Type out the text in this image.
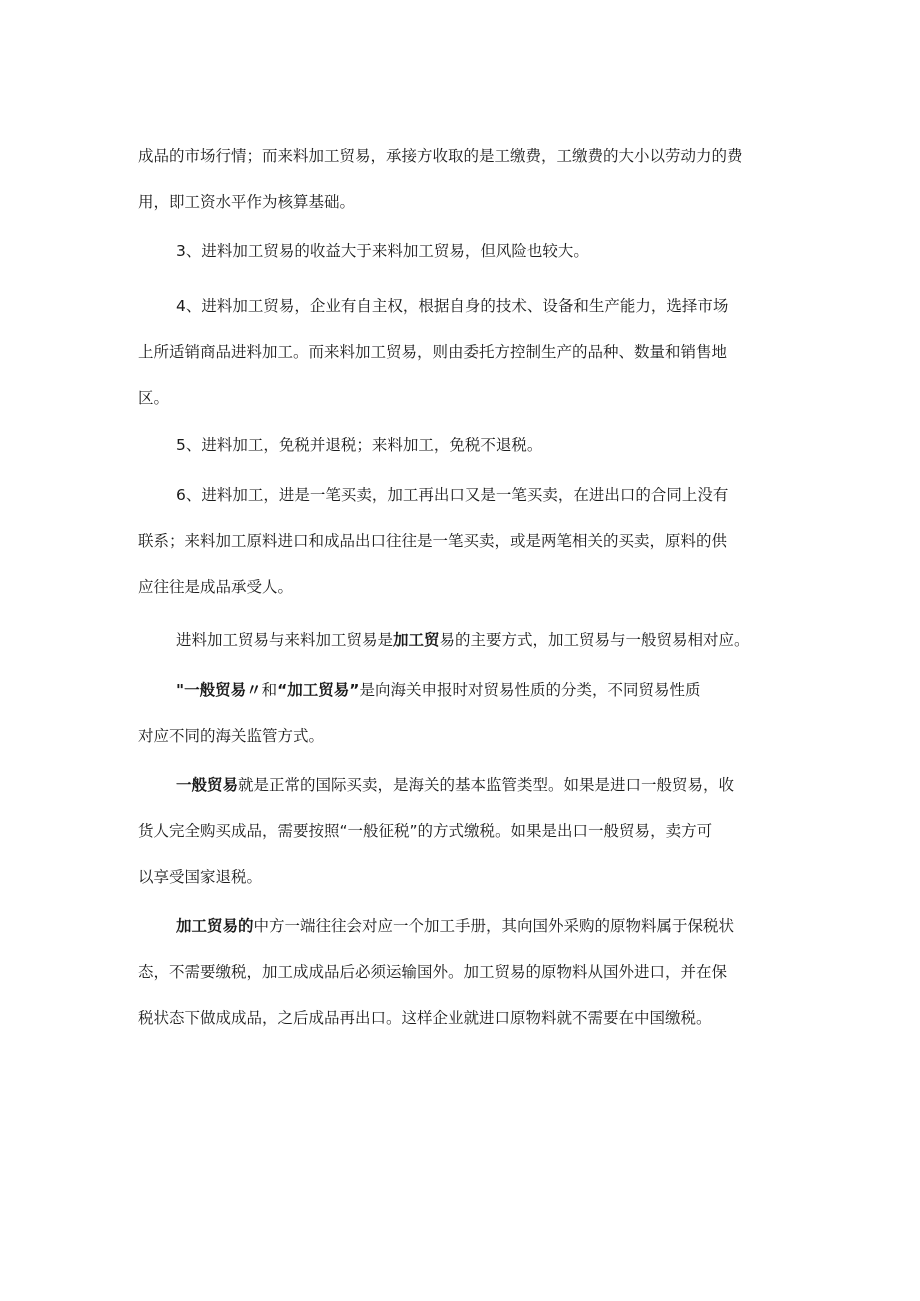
成品的市场行情；而来料加工贸易，承接方收取的是工缴费，工缴费的大小以劳动力的费
用，即工资水平作为核算基础。
3、进料加工贸易的收益大于来料加工贸易，但风险也较大。
4、进料加工贸易，企业有自主权，根据自身的技术、设备和生产能力，选择市场
上所适销商品进料加工。而来料加工贸易，则由委托方控制生产的品种、数量和销售地
区。
5、进料加工，免税并退税；来料加工，免税不退税。
6、进料加工，进是一笔买卖，加工再出口又是一笔买卖，在进出口的合同上没有
联系；来料加工原料进口和成品出口往往是一笔买卖，或是两笔相关的买卖，原料的供
应往往是成品承受人。
进料加工贸易与来料加工贸易是加工贸易的主要方式，加工贸易与一般贸易相对应。
"一般贸易〃和“加工贸易”是向海关申报时对贸易性质的分类，不同贸易性质
对应不同的海关监管方式。
一般贸易就是正常的国际买卖，是海关的基本监管类型。如果是进口一般贸易，收
货人完全购买成品，需要按照“一般征税”的方式缴税。如果是出口一般贸易，卖方可
以享受国家退税。
加工贸易的中方一端往往会对应一个加工手册，其向国外采购的原物料属于保税状
态，不需要缴税，加工成成品后必须运输国外。加工贸易的原物料从国外进口，并在保
税状态下做成成品，之后成品再出口。这样企业就进口原物料就不需要在中国缴税。
